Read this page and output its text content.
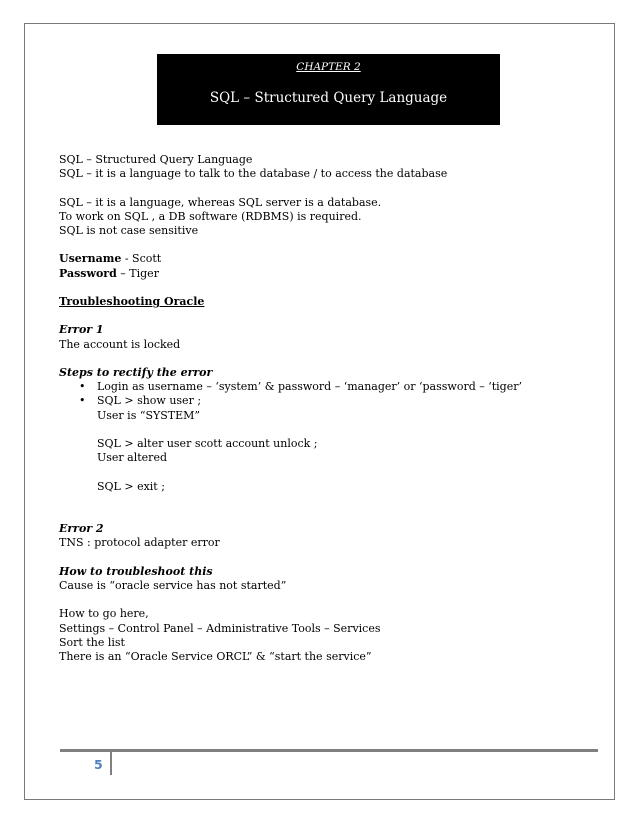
CHAPTER 2
SQL – Structured Query Language
SQL – Structured Query Language
SQL – it is a language to talk to the database / to access the database
SQL – it is a language, whereas SQL server is a database.
To work on SQL , a DB software (RDBMS) is required.
SQL is not case sensitive
Username - Scott
Password – Tiger
Troubleshooting Oracle
Error 1
The account is locked
Steps to rectify the error
• Login as username – ‘system’ & password – ‘manager’ or ‘password – ‘tiger’
• SQL > show user ;
User is “SYSTEM”
SQL > alter user scott account unlock ;
User altered
SQL > exit ;
Error 2
TNS : protocol adapter error
How to troubleshoot this
Cause is “oracle service has not started”
How to go here,
Settings – Control Panel – Administrative Tools – Services
Sort the list
There is an “Oracle Service ORCL” & “start the service”
5
